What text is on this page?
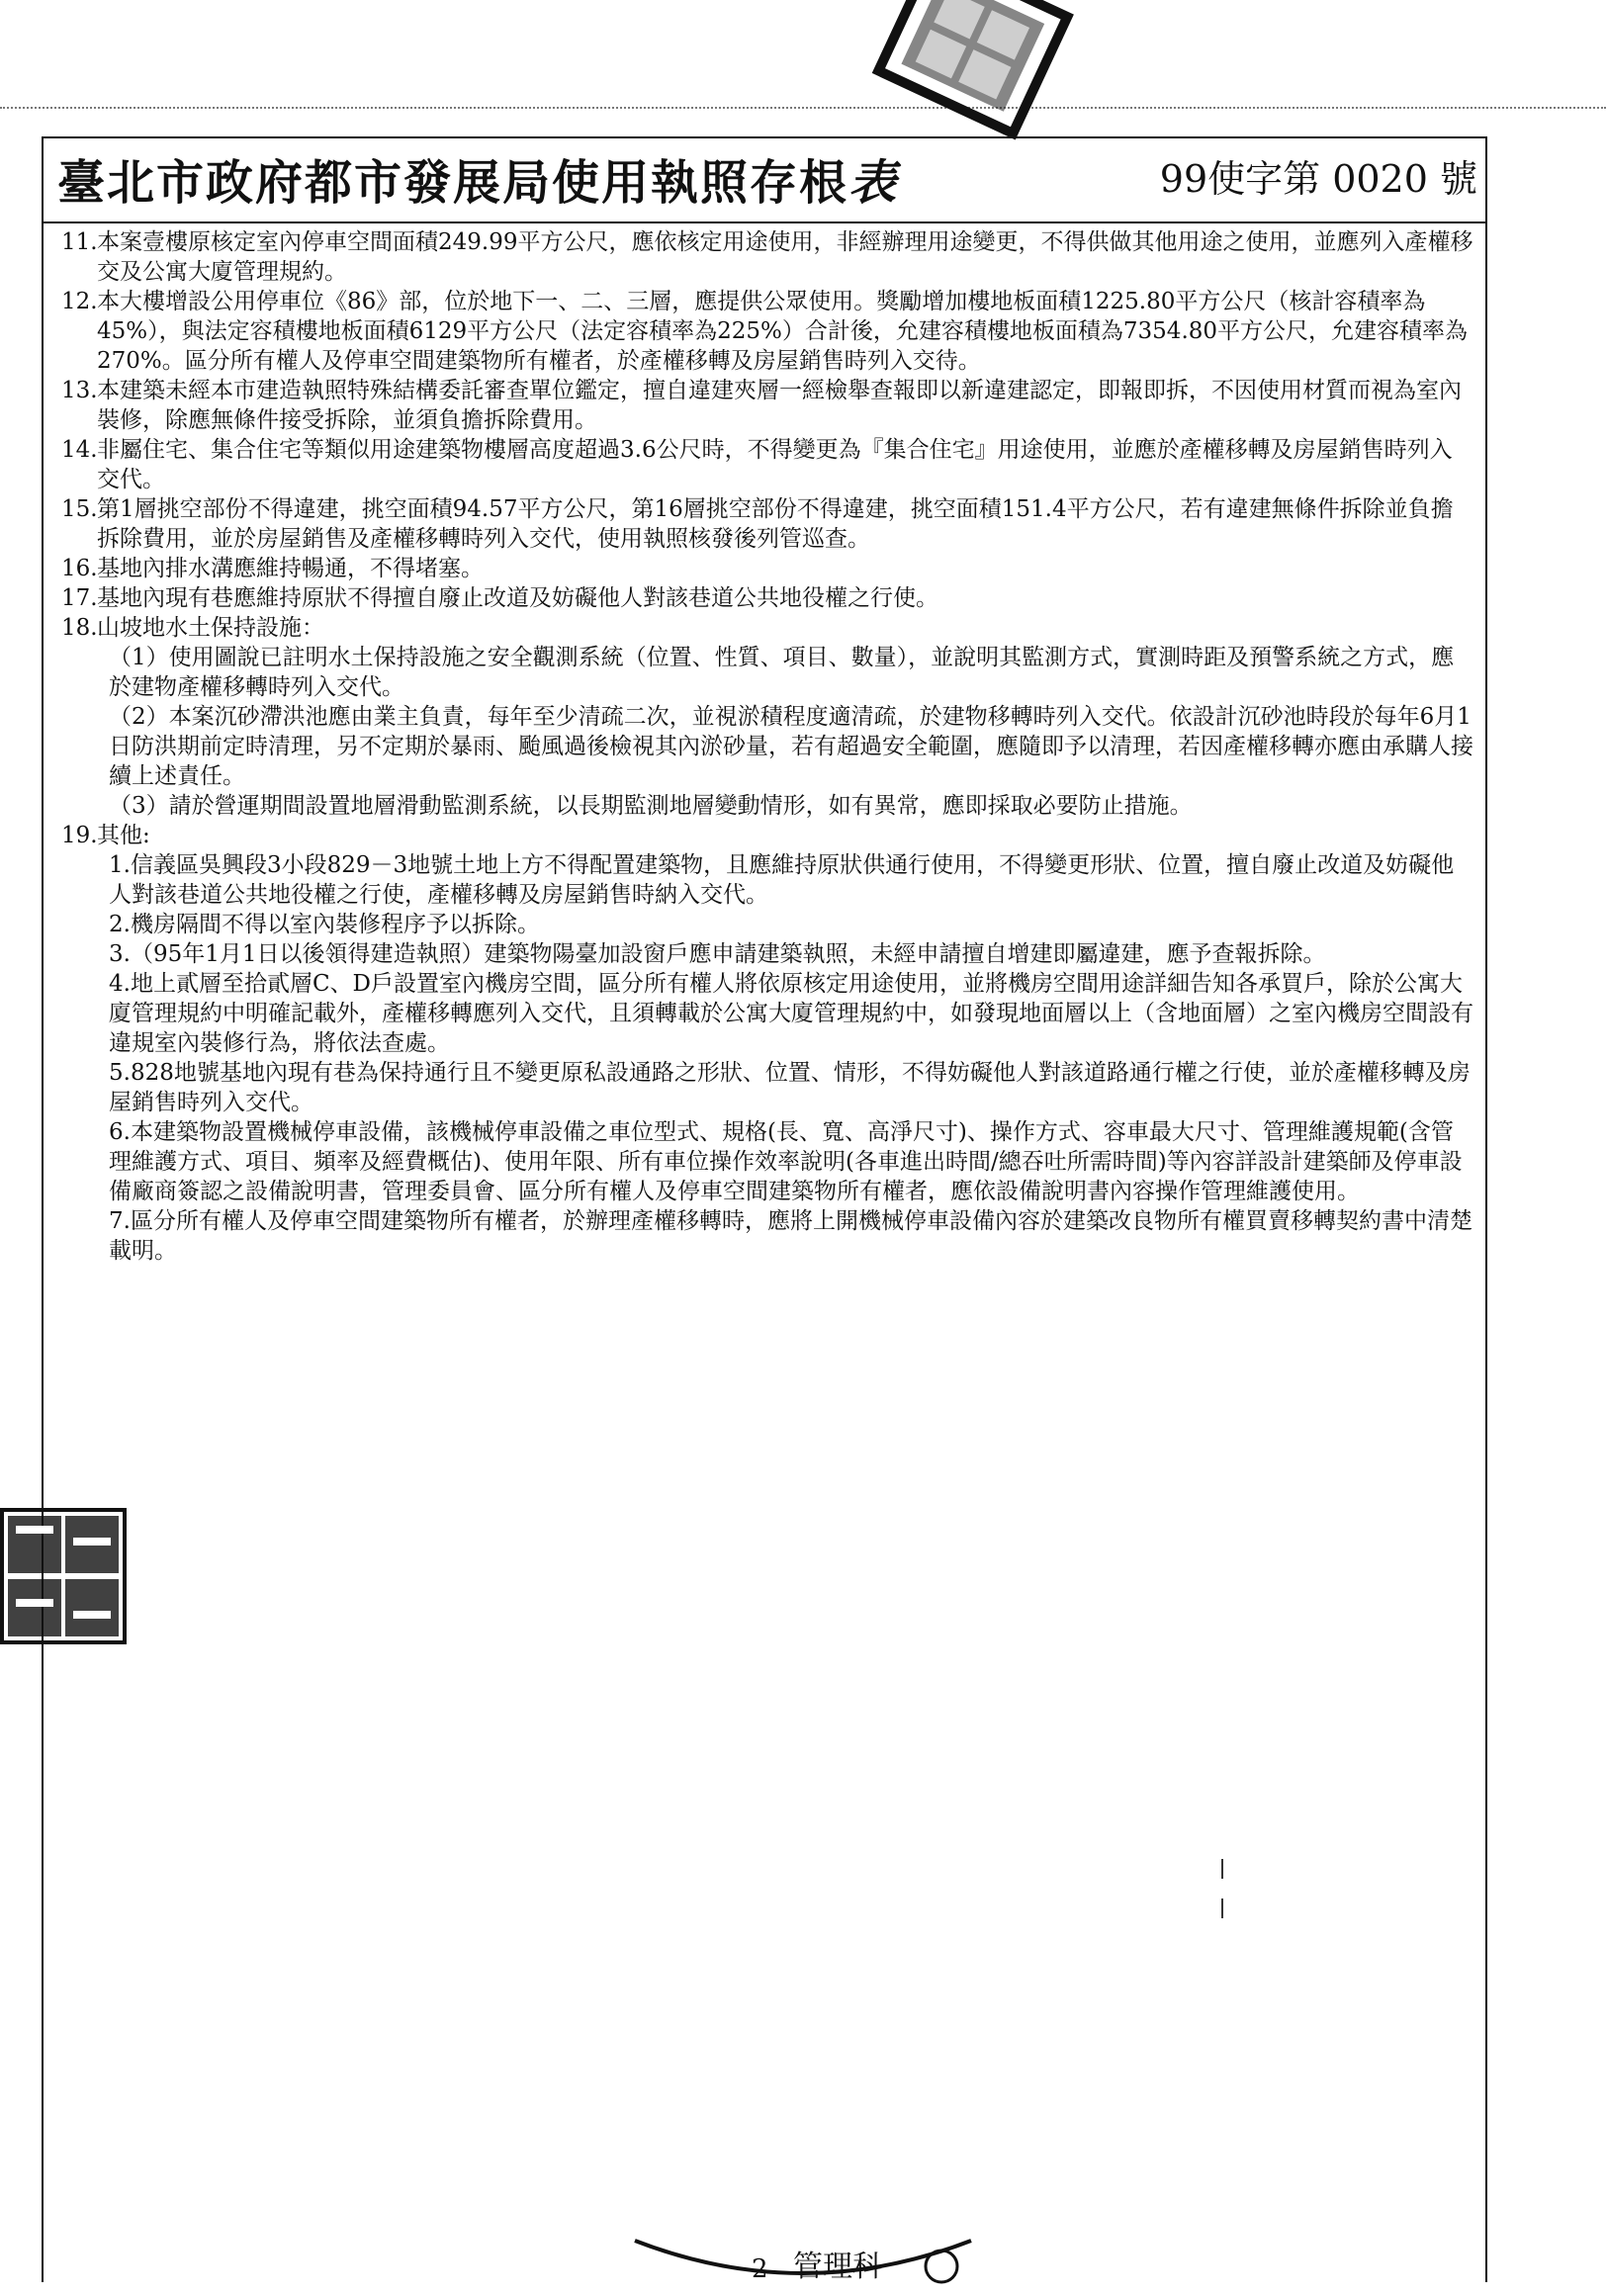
臺北市政府都市發展局使用執照存根表	99使字第 0020 號
11. 本案壹樓原核定室內停車空間面積249.99平方公尺，應依核定用途使用，非經辦理用途變更，不得供做其他用途之使用，並應列入產權移交及公寓大廈管理規約。
12. 本大樓增設公用停車位《86》部，位於地下一、二、三層，應提供公眾使用。獎勵增加樓地板面積1225.80平方公尺（核計容積率為45%），與法定容積樓地板面積6129平方公尺（法定容積率為225%）合計後，允建容積樓地板面積為7354.80平方公尺，允建容積率為270%。區分所有權人及停車空間建築物所有權者，於產權移轉及房屋銷售時列入交待。
13. 本建築未經本市建造執照特殊結構委託審查單位鑑定，擅自違建夾層一經檢舉查報即以新違建認定，即報即拆，不因使用材質而視為室內裝修，除應無條件接受拆除，並須負擔拆除費用。
14. 非屬住宅、集合住宅等類似用途建築物樓層高度超過3.6公尺時，不得變更為『集合住宅』用途使用，並應於產權移轉及房屋銷售時列入交代。
15. 第1層挑空部份不得違建，挑空面積94.57平方公尺，第16層挑空部份不得違建，挑空面積151.4平方公尺，若有違建無條件拆除並負擔拆除費用，並於房屋銷售及產權移轉時列入交代，使用執照核發後列管巡查。
16. 基地內排水溝應維持暢通，不得堵塞。
17. 基地內現有巷應維持原狀不得擅自廢止改道及妨礙他人對該巷道公共地役權之行使。
18. 山坡地水土保持設施：
（1）使用圖說已註明水土保持設施之安全觀測系統（位置、性質、項目、數量），並說明其監測方式，實測時距及預警系統之方式，應於建物產權移轉時列入交代。
（2）本案沉砂滯洪池應由業主負責，每年至少清疏二次，並視淤積程度適清疏，於建物移轉時列入交代。依設計沉砂池時段於每年6月1日防洪期前定時清理，另不定期於暴雨、颱風過後檢視其內淤砂量，若有超過安全範圍，應隨即予以清理，若因產權移轉亦應由承購人接續上述責任。
（3）請於營運期間設置地層滑動監測系統，以長期監測地層變動情形，如有異常，應即採取必要防止措施。
19. 其他:
1.信義區吳興段3小段829－3地號土地上方不得配置建築物，且應維持原狀供通行使用，不得變更形狀、位置，擅自廢止改道及妨礙他人對該巷道公共地役權之行使，產權移轉及房屋銷售時納入交代。
2.機房隔間不得以室內裝修程序予以拆除。
3.（95年1月1日以後領得建造執照）建築物陽臺加設窗戶應申請建築執照，未經申請擅自增建即屬違建，應予查報拆除。
4.地上貳層至拾貳層C、D戶設置室內機房空間，區分所有權人將依原核定用途使用，並將機房空間用途詳細告知各承買戶，除於公寓大廈管理規約中明確記載外，產權移轉應列入交代，且須轉載於公寓大廈管理規約中，如發現地面層以上（含地面層）之室內機房空間設有違規室內裝修行為，將依法查處。
5.828地號基地內現有巷為保持通行且不變更原私設通路之形狀、位置、情形，不得妨礙他人對該道路通行權之行使，並於產權移轉及房屋銷售時列入交代。
6.本建築物設置機械停車設備，該機械停車設備之車位型式、規格(長、寬、高淨尺寸)、操作方式、容車最大尺寸、管理維護規範(含管理維護方式、項目、頻率及經費概估)、使用年限、所有車位操作效率說明(各車進出時間/總吞吐所需時間)等內容詳設計建築師及停車設備廠商簽認之設備說明書，管理委員會、區分所有權人及停車空間建築物所有權者，應依設備說明書內容操作管理維護使用。
7.區分所有權人及停車空間建築物所有權者，於辦理產權移轉時，應將上開機械停車設備內容於建築改良物所有權買賣移轉契約書中清楚載明。
管理科
2
